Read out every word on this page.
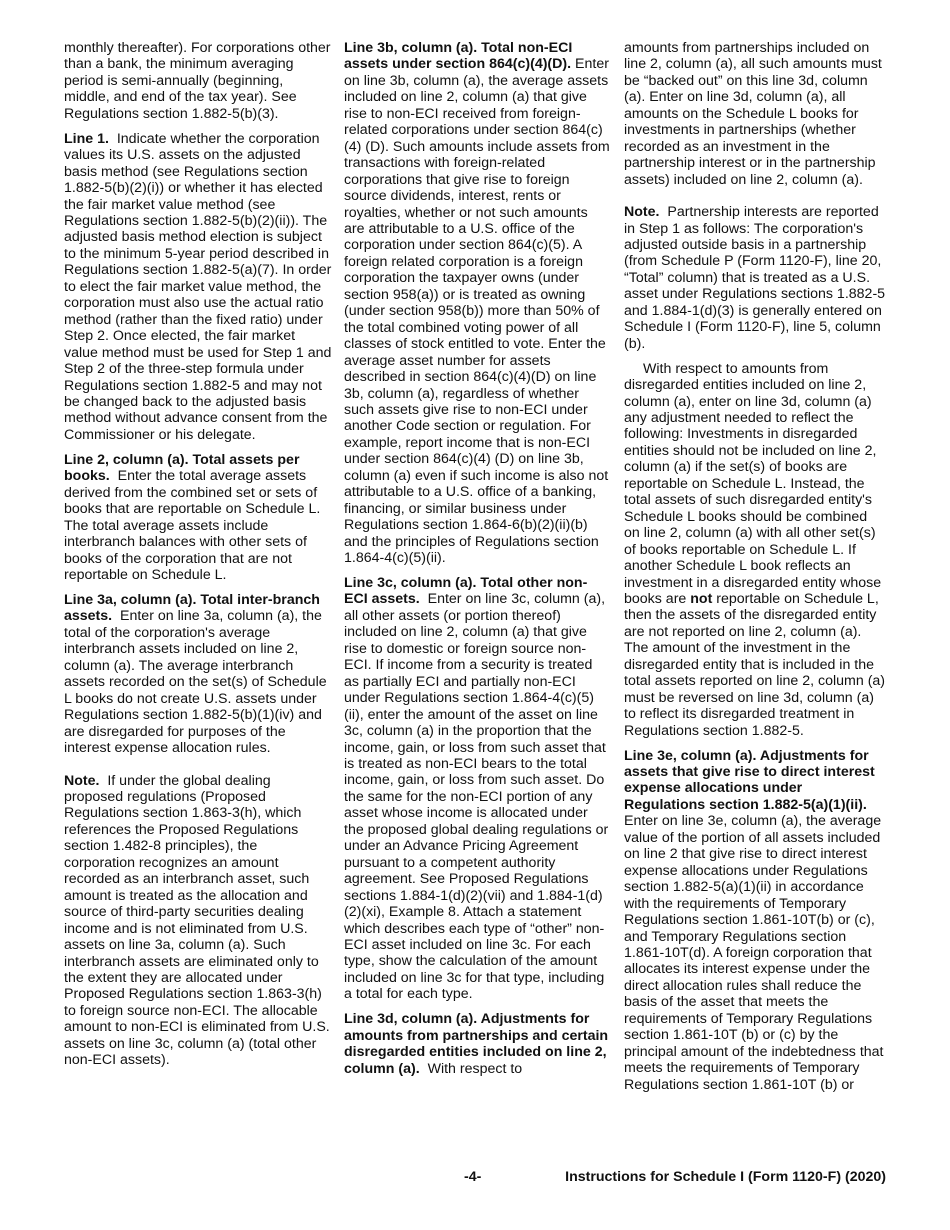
monthly thereafter). For corporations other than a bank, the minimum averaging period is semi-annually (beginning, middle, and end of the tax year). See Regulations section 1.882-5(b)(3).

Line 1. Indicate whether the corporation values its U.S. assets on the adjusted basis method (see Regulations section 1.882-5(b)(2)(i)) or whether it has elected the fair market value method (see Regulations section 1.882-5(b)(2)(ii)). The adjusted basis method election is subject to the minimum 5-year period described in Regulations section 1.882-5(a)(7). In order to elect the fair market value method, the corporation must also use the actual ratio method (rather than the fixed ratio) under Step 2. Once elected, the fair market value method must be used for Step 1 and Step 2 of the three-step formula under Regulations section 1.882-5 and may not be changed back to the adjusted basis method without advance consent from the Commissioner or his delegate.

Line 2, column (a). Total assets per books. Enter the total average assets derived from the combined set or sets of books that are reportable on Schedule L. The total average assets include interbranch balances with other sets of books of the corporation that are not reportable on Schedule L.

Line 3a, column (a). Total inter-branch assets. Enter on line 3a, column (a), the total of the corporation's average interbranch assets included on line 2, column (a). The average interbranch assets recorded on the set(s) of Schedule L books do not create U.S. assets under Regulations section 1.882-5(b)(1)(iv) and are disregarded for purposes of the interest expense allocation rules.

Note. If under the global dealing proposed regulations (Proposed Regulations section 1.863-3(h), which references the Proposed Regulations section 1.482-8 principles), the corporation recognizes an amount recorded as an interbranch asset, such amount is treated as the allocation and source of third-party securities dealing income and is not eliminated from U.S. assets on line 3a, column (a). Such interbranch assets are eliminated only to the extent they are allocated under Proposed Regulations section 1.863-3(h) to foreign source non-ECI. The allocable amount to non-ECI is eliminated from U.S. assets on line 3c, column (a) (total other non-ECI assets).

Line 3b, column (a). Total non-ECI assets under section 864(c)(4)(D). Enter on line 3b, column (a), the average assets included on line 2, column (a) that give rise to non-ECI received from foreign-related corporations under section 864(c)(4) (D). Such amounts include assets from transactions with foreign-related corporations that give rise to foreign source dividends, interest, rents or royalties, whether or not such amounts are attributable to a U.S. office of the corporation under section 864(c)(5). A foreign related corporation is a foreign corporation the taxpayer owns (under section 958(a)) or is treated as owning (under section 958(b)) more than 50% of the total combined voting power of all classes of stock entitled to vote. Enter the average asset number for assets described in section 864(c)(4)(D) on line 3b, column (a), regardless of whether such assets give rise to non-ECI under another Code section or regulation. For example, report income that is non-ECI under section 864(c)(4) (D) on line 3b, column (a) even if such income is also not attributable to a U.S. office of a banking, financing, or similar business under Regulations section 1.864-6(b)(2)(ii)(b) and the principles of Regulations section 1.864-4(c)(5)(ii).

Line 3c, column (a). Total other non-ECI assets. Enter on line 3c, column (a), all other assets (or portion thereof) included on line 2, column (a) that give rise to domestic or foreign source non-ECI. If income from a security is treated as partially ECI and partially non-ECI under Regulations section 1.864-4(c)(5)(ii), enter the amount of the asset on line 3c, column (a) in the proportion that the income, gain, or loss from such asset that is treated as non-ECI bears to the total income, gain, or loss from such asset. Do the same for the non-ECI portion of any asset whose income is allocated under the proposed global dealing regulations or under an Advance Pricing Agreement pursuant to a competent authority agreement. See Proposed Regulations sections 1.884-1(d)(2)(vii) and 1.884-1(d)(2)(xi), Example 8. Attach a statement which describes each type of “other” non-ECI asset included on line 3c. For each type, show the calculation of the amount included on line 3c for that type, including a total for each type.

Line 3d, column (a). Adjustments for amounts from partnerships and certain disregarded entities included on line 2, column (a). With respect to

amounts from partnerships included on line 2, column (a), all such amounts must be “backed out” on this line 3d, column (a). Enter on line 3d, column (a), all amounts on the Schedule L books for investments in partnerships (whether recorded as an investment in the partnership interest or in the partnership assets) included on line 2, column (a).

Note. Partnership interests are reported in Step 1 as follows: The corporation's adjusted outside basis in a partnership (from Schedule P (Form 1120-F), line 20, “Total” column) that is treated as a U.S. asset under Regulations sections 1.882-5 and 1.884-1(d)(3) is generally entered on Schedule I (Form 1120-F), line 5, column (b).

With respect to amounts from disregarded entities included on line 2, column (a), enter on line 3d, column (a) any adjustment needed to reflect the following: Investments in disregarded entities should not be included on line 2, column (a) if the set(s) of books are reportable on Schedule L. Instead, the total assets of such disregarded entity's Schedule L books should be combined on line 2, column (a) with all other set(s) of books reportable on Schedule L. If another Schedule L book reflects an investment in a disregarded entity whose books are not reportable on Schedule L, then the assets of the disregarded entity are not reported on line 2, column (a). The amount of the investment in the disregarded entity that is included in the total assets reported on line 2, column (a) must be reversed on line 3d, column (a) to reflect its disregarded treatment in Regulations section 1.882-5.

Line 3e, column (a). Adjustments for assets that give rise to direct interest expense allocations under Regulations section 1.882-5(a)(1)(ii). Enter on line 3e, column (a), the average value of the portion of all assets included on line 2 that give rise to direct interest expense allocations under Regulations section 1.882-5(a)(1)(ii) in accordance with the requirements of Temporary Regulations section 1.861-10T(b) or (c), and Temporary Regulations section 1.861-10T(d). A foreign corporation that allocates its interest expense under the direct allocation rules shall reduce the basis of the asset that meets the requirements of Temporary Regulations section 1.861-10T (b) or (c) by the principal amount of the indebtedness that meets the requirements of Temporary Regulations section 1.861-10T (b) or

-4-	Instructions for Schedule I (Form 1120-F) (2020)
